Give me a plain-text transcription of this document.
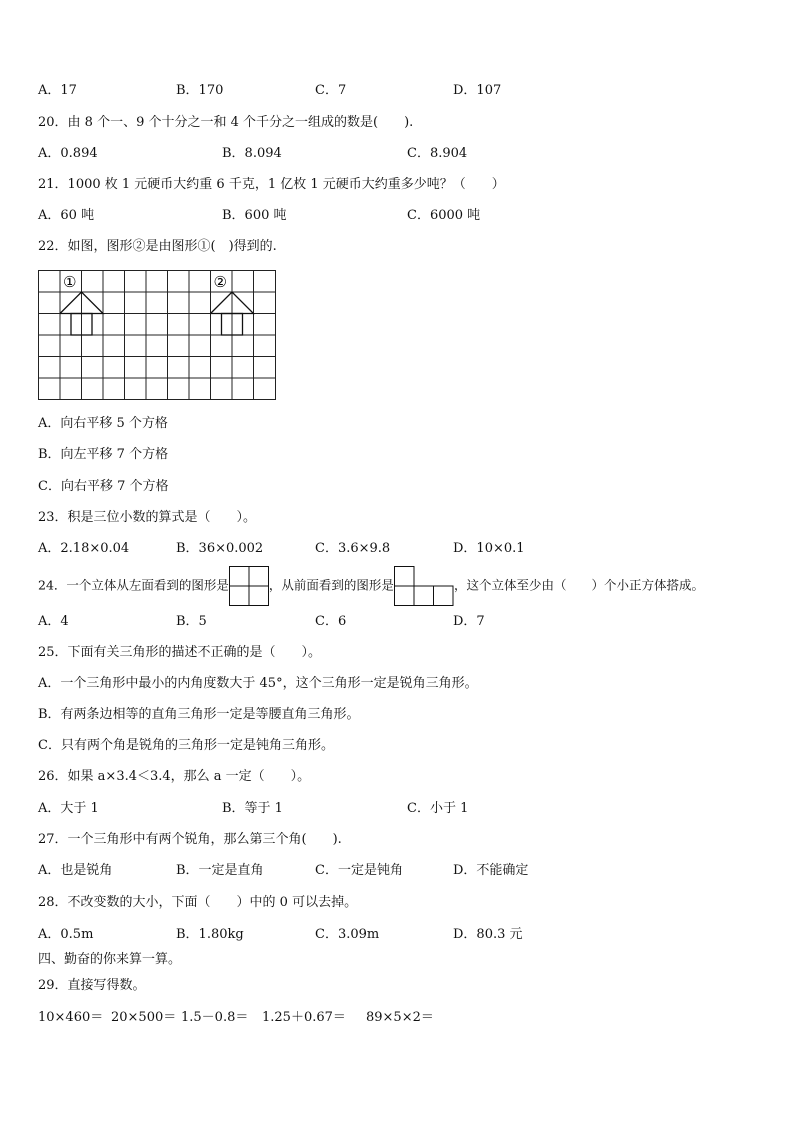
A．17	B．170	C．7	D．107
20．由 8 个一、9 个十分之一和 4 个千分之一组成的数是(　　).
A．0.894	B．8.094	C．8.904
21．1000 枚 1 元硬币大约重 6 千克，1 亿枚 1 元硬币大约重多少吨？（　　）
A．60 吨	B．600 吨	C．6000 吨
22．如图，图形②是由图形①(　)得到的.
①	②
A．向右平移 5 个方格
B．向左平移 7 个方格
C．向右平移 7 个方格
23．积是三位小数的算式是（　　）。
A．2.18×0.04	B．36×0.002	C．3.6×9.8	D．10×0.1
24．一个立体从左面看到的图形是	，从前面看到的图形是	，这个立体至少由（　　）个小正方体搭成。
A．4	B．5	C．6	D．7
25．下面有关三角形的描述不正确的是（　　）。
A．一个三角形中最小的内角度数大于 45°，这个三角形一定是锐角三角形。
B．有两条边相等的直角三角形一定是等腰直角三角形。
C．只有两个角是锐角的三角形一定是钝角三角形。
26．如果 a×3.4＜3.4，那么 a 一定（　　）。
A．大于 1	B．等于 1	C．小于 1
27．一个三角形中有两个锐角，那么第三个角(　　).
A．也是锐角	B．一定是直角	C．一定是钝角	D．不能确定
28．不改变数的大小，下面（　　）中的 0 可以去掉。
A．0.5m	B．1.80kg	C．3.09m	D．80.3 元
四、勤奋的你来算一算。
29．直接写得数。
10×460＝ 20×500＝ 1.5－0.8＝ 1.25＋0.67＝ 89×5×2＝
